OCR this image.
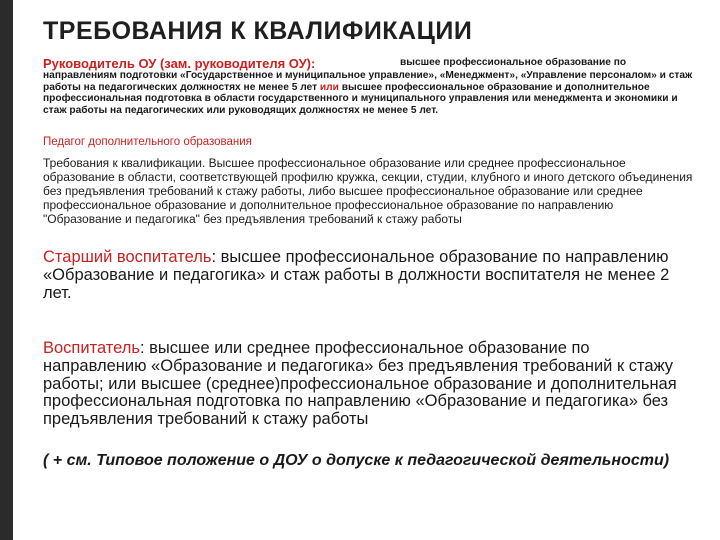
ТРЕБОВАНИЯ К КВАЛИФИКАЦИИ
Руководитель ОУ (зам. руководителя ОУ):	высшее профессиональное образование по
направлениям подготовки «Государственное и муниципальное управление», «Менеджмент», «Управление персоналом» и стаж работы на педагогических должностях не менее 5 лет или высшее профессиональное образование и дополнительное профессиональная подготовка в области государственного и муниципального управления или менеджмента и экономики и стаж работы на педагогических или руководящих должностях не менее 5 лет.
Педагог дополнительного образования
Требования к квалификации. Высшее профессиональное образование или среднее профессиональное образование в области, соответствующей профилю кружка, секции, студии, клубного и иного детского объединения без предъявления требований к стажу работы, либо высшее профессиональное образование или среднее профессиональное образование и дополнительное профессиональное образование по направлению "Образование и педагогика" без предъявления требований к стажу работы
Старший воспитатель: высшее профессиональное образование по направлению «Образование и педагогика» и стаж работы в должности воспитателя не менее 2 лет.
Воспитатель: высшее или среднее профессиональное образование по направлению «Образование и педагогика» без предъявления требований к стажу работы; или высшее (среднее)профессиональное образование и дополнительная профессиональная подготовка по направлению «Образование и педагогика» без предъявления требований к стажу работы
( + см. Типовое положение о ДОУ о допуске к педагогической деятельности)
